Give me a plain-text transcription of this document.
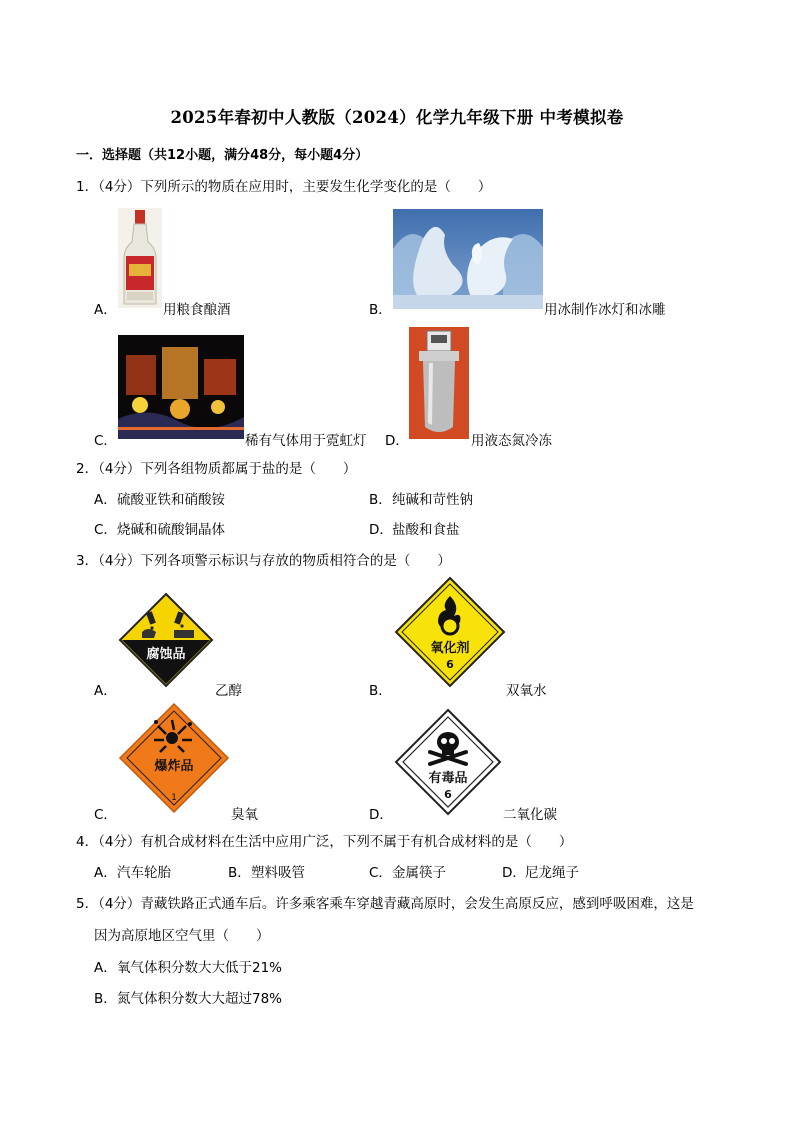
2025年春初中人教版（2024）化学九年级下册 中考模拟卷
一．选择题（共12小题，满分48分，每小题4分）
1．（4分）下列所示的物质在应用时，主要发生化学变化的是（　　）
A．	用粮食酿酒	B．	用冰制作冰灯和冰雕
C．	稀有气体用于霓虹灯 D．	用液态氮冷冻
2．（4分）下列各组物质都属于盐的是（　　）
A． 硫酸亚铁和硝酸铵	B． 纯碱和苛性钠
C． 烧碱和硫酸铜晶体	D． 盐酸和食盐
3．（4分）下列各项警示标识与存放的物质相符合的是（　　）
腐蚀品
A．	乙醇
氧化剂
6
B．	双氧水
爆炸品
1
C．	臭氧
有毒品
6
D．	二氧化碳
4．（4分）有机合成材料在生活中应用广泛，下列不属于有机合成材料的是（　　）
A． 汽车轮胎	B． 塑料吸管	C． 金属筷子	D． 尼龙绳子
5．（4分）青藏铁路正式通车后。许多乘客乘车穿越青藏高原时，会发生高原反应，感到呼吸困难，这是
因为高原地区空气里（　　）
A． 氧气体积分数大大低于21%
B． 氮气体积分数大大超过78%
